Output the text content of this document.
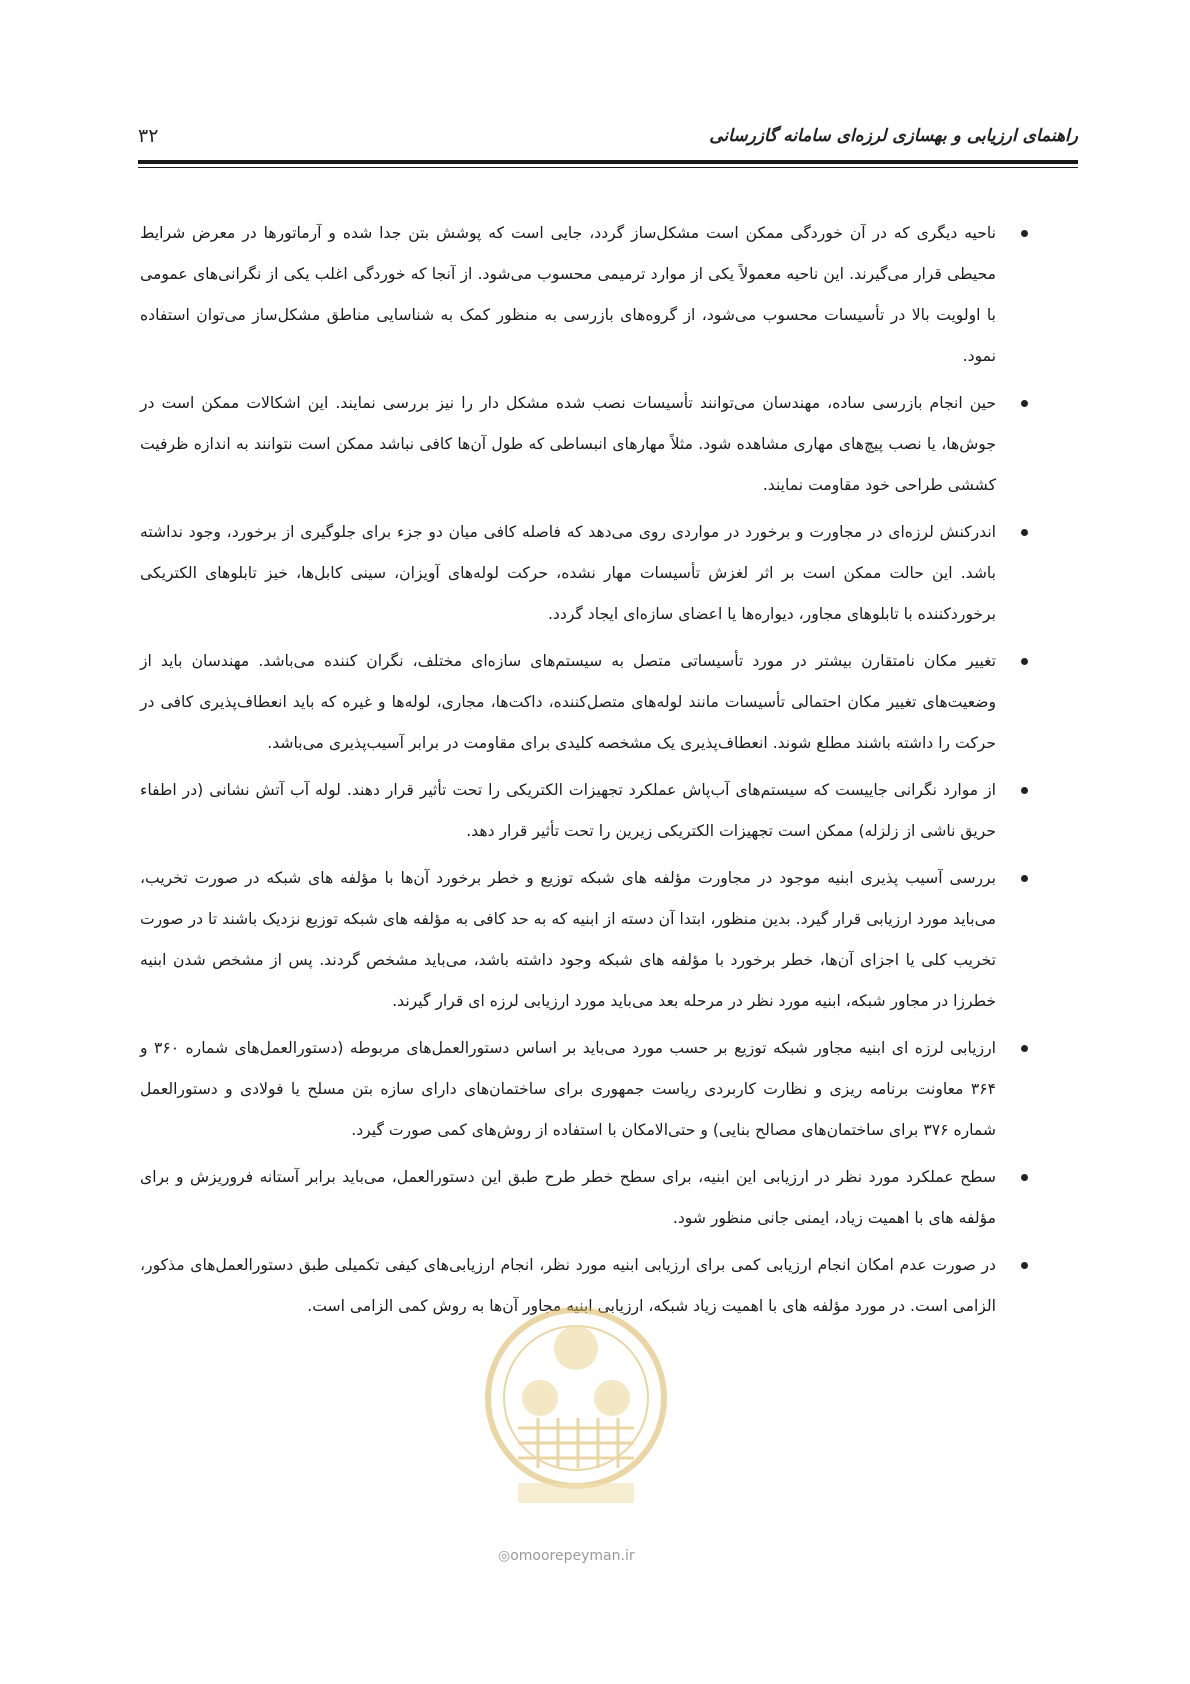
راهنمای ارزیابی و بهسازی لرزه‌ای سامانه گازرسانی
۳۲

ناحیه دیگری که در آن خوردگی ممکن است مشکل‌ساز گردد، جایی است که پوشش بتن جدا شده و آرماتورها در معرض شرایط محیطی قرار می‌گیرند. این ناحیه معمولاً یکی از موارد ترمیمی محسوب می‌شود. از آنجا که خوردگی اغلب یکی از نگرانی‌های عمومی با اولویت بالا در تأسیسات محسوب می‌شود، از گروه‌های بازرسی به منظور کمک به شناسایی مناطق مشکل‌ساز می‌توان استفاده نمود.

حین انجام بازرسی ساده، مهندسان می‌توانند تأسیسات نصب شده مشکل دار را نیز بررسی نمایند. این اشکالات ممکن است در جوش‌ها، یا نصب پیچ‌های مهاری مشاهده شود. مثلاً مهارهای انبساطی که طول آن‌ها کافی نباشد ممکن است نتوانند به اندازه ظرفیت کششی طراحی خود مقاومت نمایند.

اندرکنش لرزه‌ای در مجاورت و برخورد در مواردی روی می‌دهد که فاصله کافی میان دو جزء برای جلوگیری از برخورد، وجود نداشته باشد. این حالت ممکن است بر اثر لغزش تأسیسات مهار نشده، حرکت لوله‌های آویزان، سینی کابل‌ها، خیز تابلوهای الکتریکی برخوردکننده با تابلوهای مجاور، دیواره‌ها یا اعضای سازه‌ای ایجاد گردد.

تغییر مکان نامتقارن بیشتر در مورد تأسیساتی متصل به سیستم‌های سازه‌ای مختلف، نگران کننده می‌باشد. مهندسان باید از وضعیت‌های تغییر مکان احتمالی تأسیسات مانند لوله‌های متصل‌کننده، داکت‌ها، مجاری، لوله‌ها و غیره که باید انعطاف‌پذیری کافی در حرکت را داشته باشند مطلع شوند. انعطاف‌پذیری یک مشخصه کلیدی برای مقاومت در برابر آسیب‌پذیری می‌باشد.

از موارد نگرانی جاییست که سیستم‌های آب‌پاش عملکرد تجهیزات الکتریکی را تحت تأثیر قرار دهند. لوله آب آتش نشانی (در اطفاء حریق ناشی از زلزله) ممکن است تجهیزات الکتریکی زیرین را تحت تأثیر قرار دهد.

بررسی آسیب پذیری ابنیه موجود در مجاورت مؤلفه های شبکه توزیع و خطر برخورد آن‌ها با مؤلفه های شبکه در صورت تخریب، می‌باید مورد ارزیابی قرار گیرد. بدین منظور، ابتدا آن دسته از ابنیه که به حد کافی به مؤلفه های شبکه توزیع نزدیک باشند تا در صورت تخریب کلی یا اجزای آن‌ها، خطر برخورد با مؤلفه های شبکه وجود داشته باشد، می‌باید مشخص گردند. پس از مشخص شدن ابنیه خطرزا در مجاور شبکه، ابنیه مورد نظر در مرحله بعد می‌باید مورد ارزیابی لرزه ای قرار گیرند.

ارزیابی لرزه ای ابنیه مجاور شبکه توزیع بر حسب مورد می‌باید بر اساس دستورالعمل‌های مربوطه (دستورالعمل‌های شماره ۳۶۰ و ۳۶۴ معاونت برنامه ریزی و نظارت کاربردی ریاست جمهوری برای ساختمان‌های دارای سازه بتن مسلح یا فولادی و دستورالعمل شماره ۳۷۶ برای ساختمان‌های مصالح بنایی) و حتی‌الامکان با استفاده از روش‌های کمی صورت گیرد.

سطح عملکرد مورد نظر در ارزیابی این ابنیه، برای سطح خطر طرح طبق این دستورالعمل، می‌باید برابر آستانه فروریزش و برای مؤلفه های با اهمیت زیاد، ایمنی جانی منظور شود.

در صورت عدم امکان انجام ارزیابی کمی برای ارزیابی ابنیه مورد نظر، انجام ارزیابی‌های کیفی تکمیلی طبق دستورالعمل‌های مذکور، الزامی است. در مورد مؤلفه های با اهمیت زیاد شبکه، ارزیابی ابنیه مجاور آن‌ها به روش کمی الزامی است.

◎omoorepeyman.ir
